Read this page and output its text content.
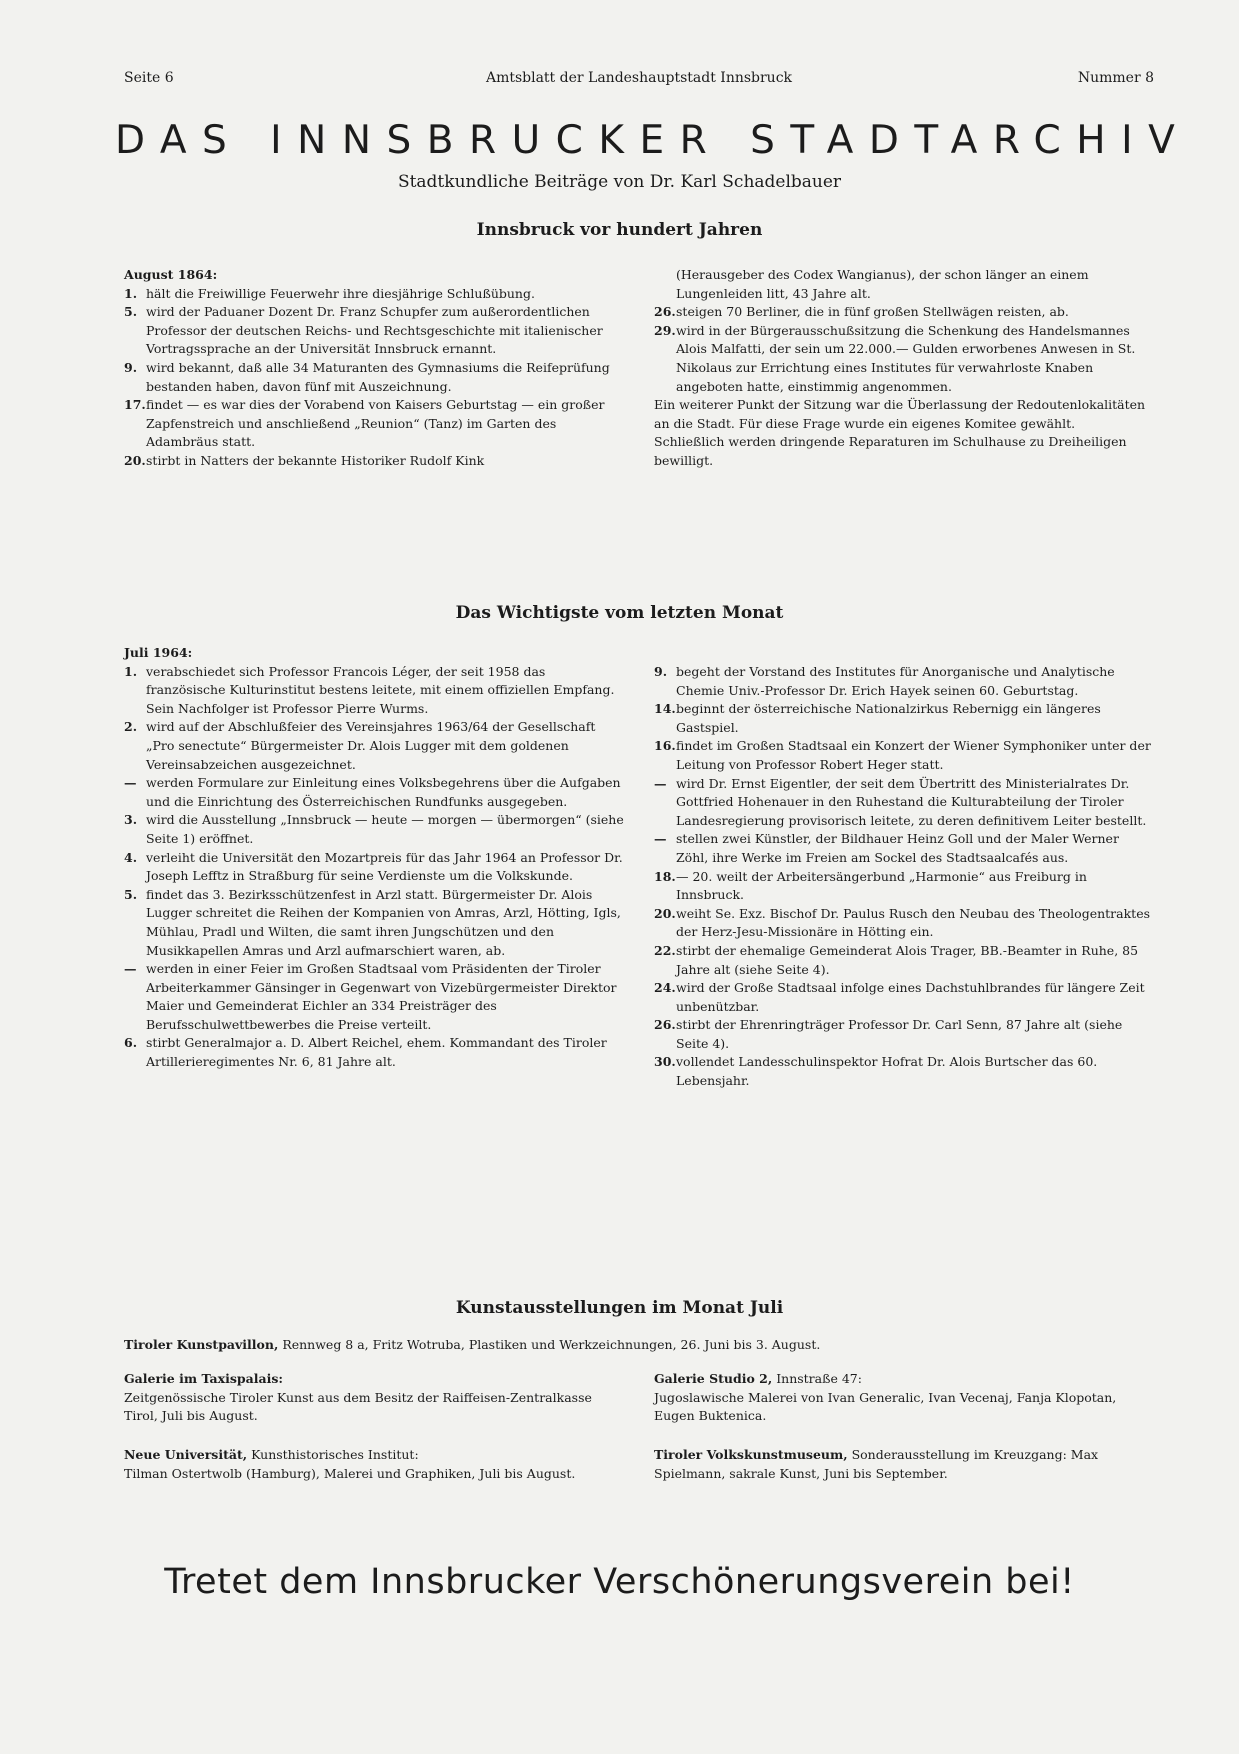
Seite 6	Amtsblatt der Landeshauptstadt Innsbruck	Nummer 8
DAS INNSBRUCKER STADTARCHIV
Stadtkundliche Beiträge von Dr. Karl Schadelbauer
Innsbruck vor hundert Jahren
August 1864:

1. hält die Freiwillige Feuerwehr ihre diesjährige Schlußübung.

5. wird der Paduaner Dozent Dr. Franz Schupfer zum außerordentlichen Professor der deutschen Reichs- und Rechtsgeschichte mit italienischer Vortragssprache an der Universität Innsbruck ernannt.

9. wird bekannt, daß alle 34 Maturanten des Gymnasiums die Reifeprüfung bestanden haben, davon fünf mit Auszeichnung.

17.findet — es war dies der Vorabend von Kaisers Geburtstag — ein großer Zapfenstreich und anschließend „Reunion“ (Tanz) im Garten des Adambräus statt.

20.stirbt in Natters der bekannte Historiker Rudolf Kink

(Herausgeber des Codex Wangianus), der schon länger an einem Lungenleiden litt, 43 Jahre alt.

26.steigen 70 Berliner, die in fünf großen Stellwägen reisten, ab.

29.wird in der Bürgerausschußsitzung die Schenkung des Handelsmannes Alois Malfatti, der sein um 22.000.— Gulden erworbenes Anwesen in St. Nikolaus zur Errichtung eines Institutes für verwahrloste Knaben angeboten hatte, einstimmig angenommen.

Ein weiterer Punkt der Sitzung war die Überlassung der Redoutenlokalitäten an die Stadt. Für diese Frage wurde ein eigenes Komitee gewählt.

Schließlich werden dringende Reparaturen im Schulhause zu Dreiheiligen bewilligt.

Das Wichtigste vom letzten Monat
Juli 1964:

1. verabschiedet sich Professor Francois Léger, der seit 1958 das französische Kulturinstitut bestens leitete, mit einem offiziellen Empfang. Sein Nachfolger ist Professor Pierre Wurms.

2. wird auf der Abschlußfeier des Vereinsjahres 1963/64 der Gesellschaft „Pro senectute“ Bürgermeister Dr. Alois Lugger mit dem goldenen Vereinsabzeichen ausgezeichnet.

— werden Formulare zur Einleitung eines Volksbegehrens über die Aufgaben und die Einrichtung des Österreichischen Rundfunks ausgegeben.

3. wird die Ausstellung „Innsbruck — heute — morgen — übermorgen“ (siehe Seite 1) eröffnet.

4. verleiht die Universität den Mozartpreis für das Jahr 1964 an Professor Dr. Joseph Lefftz in Straßburg für seine Verdienste um die Volkskunde.

5. findet das 3. Bezirksschützenfest in Arzl statt. Bürgermeister Dr. Alois Lugger schreitet die Reihen der Kompanien von Amras, Arzl, Hötting, Igls, Mühlau, Pradl und Wilten, die samt ihren Jungschützen und den Musikkapellen Amras und Arzl aufmarschiert waren, ab.

— werden in einer Feier im Großen Stadtsaal vom Präsidenten der Tiroler Arbeiterkammer Gänsinger in Gegenwart von Vizebürgermeister Direktor Maier und Gemeinderat Eichler an 334 Preisträger des Berufsschulwettbewerbes die Preise verteilt.

6. stirbt Generalmajor a. D. Albert Reichel, ehem. Kommandant des Tiroler Artillerieregimentes Nr. 6, 81 Jahre alt.

9. begeht der Vorstand des Institutes für Anorganische und Analytische Chemie Univ.-Professor Dr. Erich Hayek seinen 60. Geburtstag.

14.beginnt der österreichische Nationalzirkus Rebernigg ein längeres Gastspiel.

16.findet im Großen Stadtsaal ein Konzert der Wiener Symphoniker unter der Leitung von Professor Robert Heger statt.

— wird Dr. Ernst Eigentler, der seit dem Übertritt des Ministerialrates Dr. Gottfried Hohenauer in den Ruhestand die Kulturabteilung der Tiroler Landesregierung provisorisch leitete, zu deren definitivem Leiter bestellt.

— stellen zwei Künstler, der Bildhauer Heinz Goll und der Maler Werner Zöhl, ihre Werke im Freien am Sockel des Stadtsaalcafés aus.

18.— 20. weilt der Arbeitersängerbund „Harmonie“ aus Freiburg in Innsbruck.

20.weiht Se. Exz. Bischof Dr. Paulus Rusch den Neubau des Theologentraktes der Herz-Jesu-Missionäre in Hötting ein.

22.stirbt der ehemalige Gemeinderat Alois Trager, BB.-Beamter in Ruhe, 85 Jahre alt (siehe Seite 4).

24.wird der Große Stadtsaal infolge eines Dachstuhlbrandes für längere Zeit unbenützbar.

26.stirbt der Ehrenringträger Professor Dr. Carl Senn, 87 Jahre alt (siehe Seite 4).

30.vollendet Landesschulinspektor Hofrat Dr. Alois Burtscher das 60. Lebensjahr.

Kunstausstellungen im Monat Juli
Tiroler Kunstpavillon, Rennweg 8 a, Fritz Wotruba, Plastiken und Werkzeichnungen, 26. Juni bis 3. August.
Galerie im Taxispalais:
Zeitgenössische Tiroler Kunst aus dem Besitz der Raiffeisen-Zentralkasse Tirol, Juli bis August.
Galerie Studio 2, Innstraße 47:
Jugoslawische Malerei von Ivan Generalic, Ivan Vecenaj, Fanja Klopotan, Eugen Buktenica.
Neue Universität, Kunsthistorisches Institut:
Tilman Ostertwolb (Hamburg), Malerei und Graphiken, Juli bis August.
Tiroler Volkskunstmuseum, Sonderausstellung im Kreuzgang: Max Spielmann, sakrale Kunst, Juni bis September.
Tretet dem Innsbrucker Verschönerungsverein bei!
